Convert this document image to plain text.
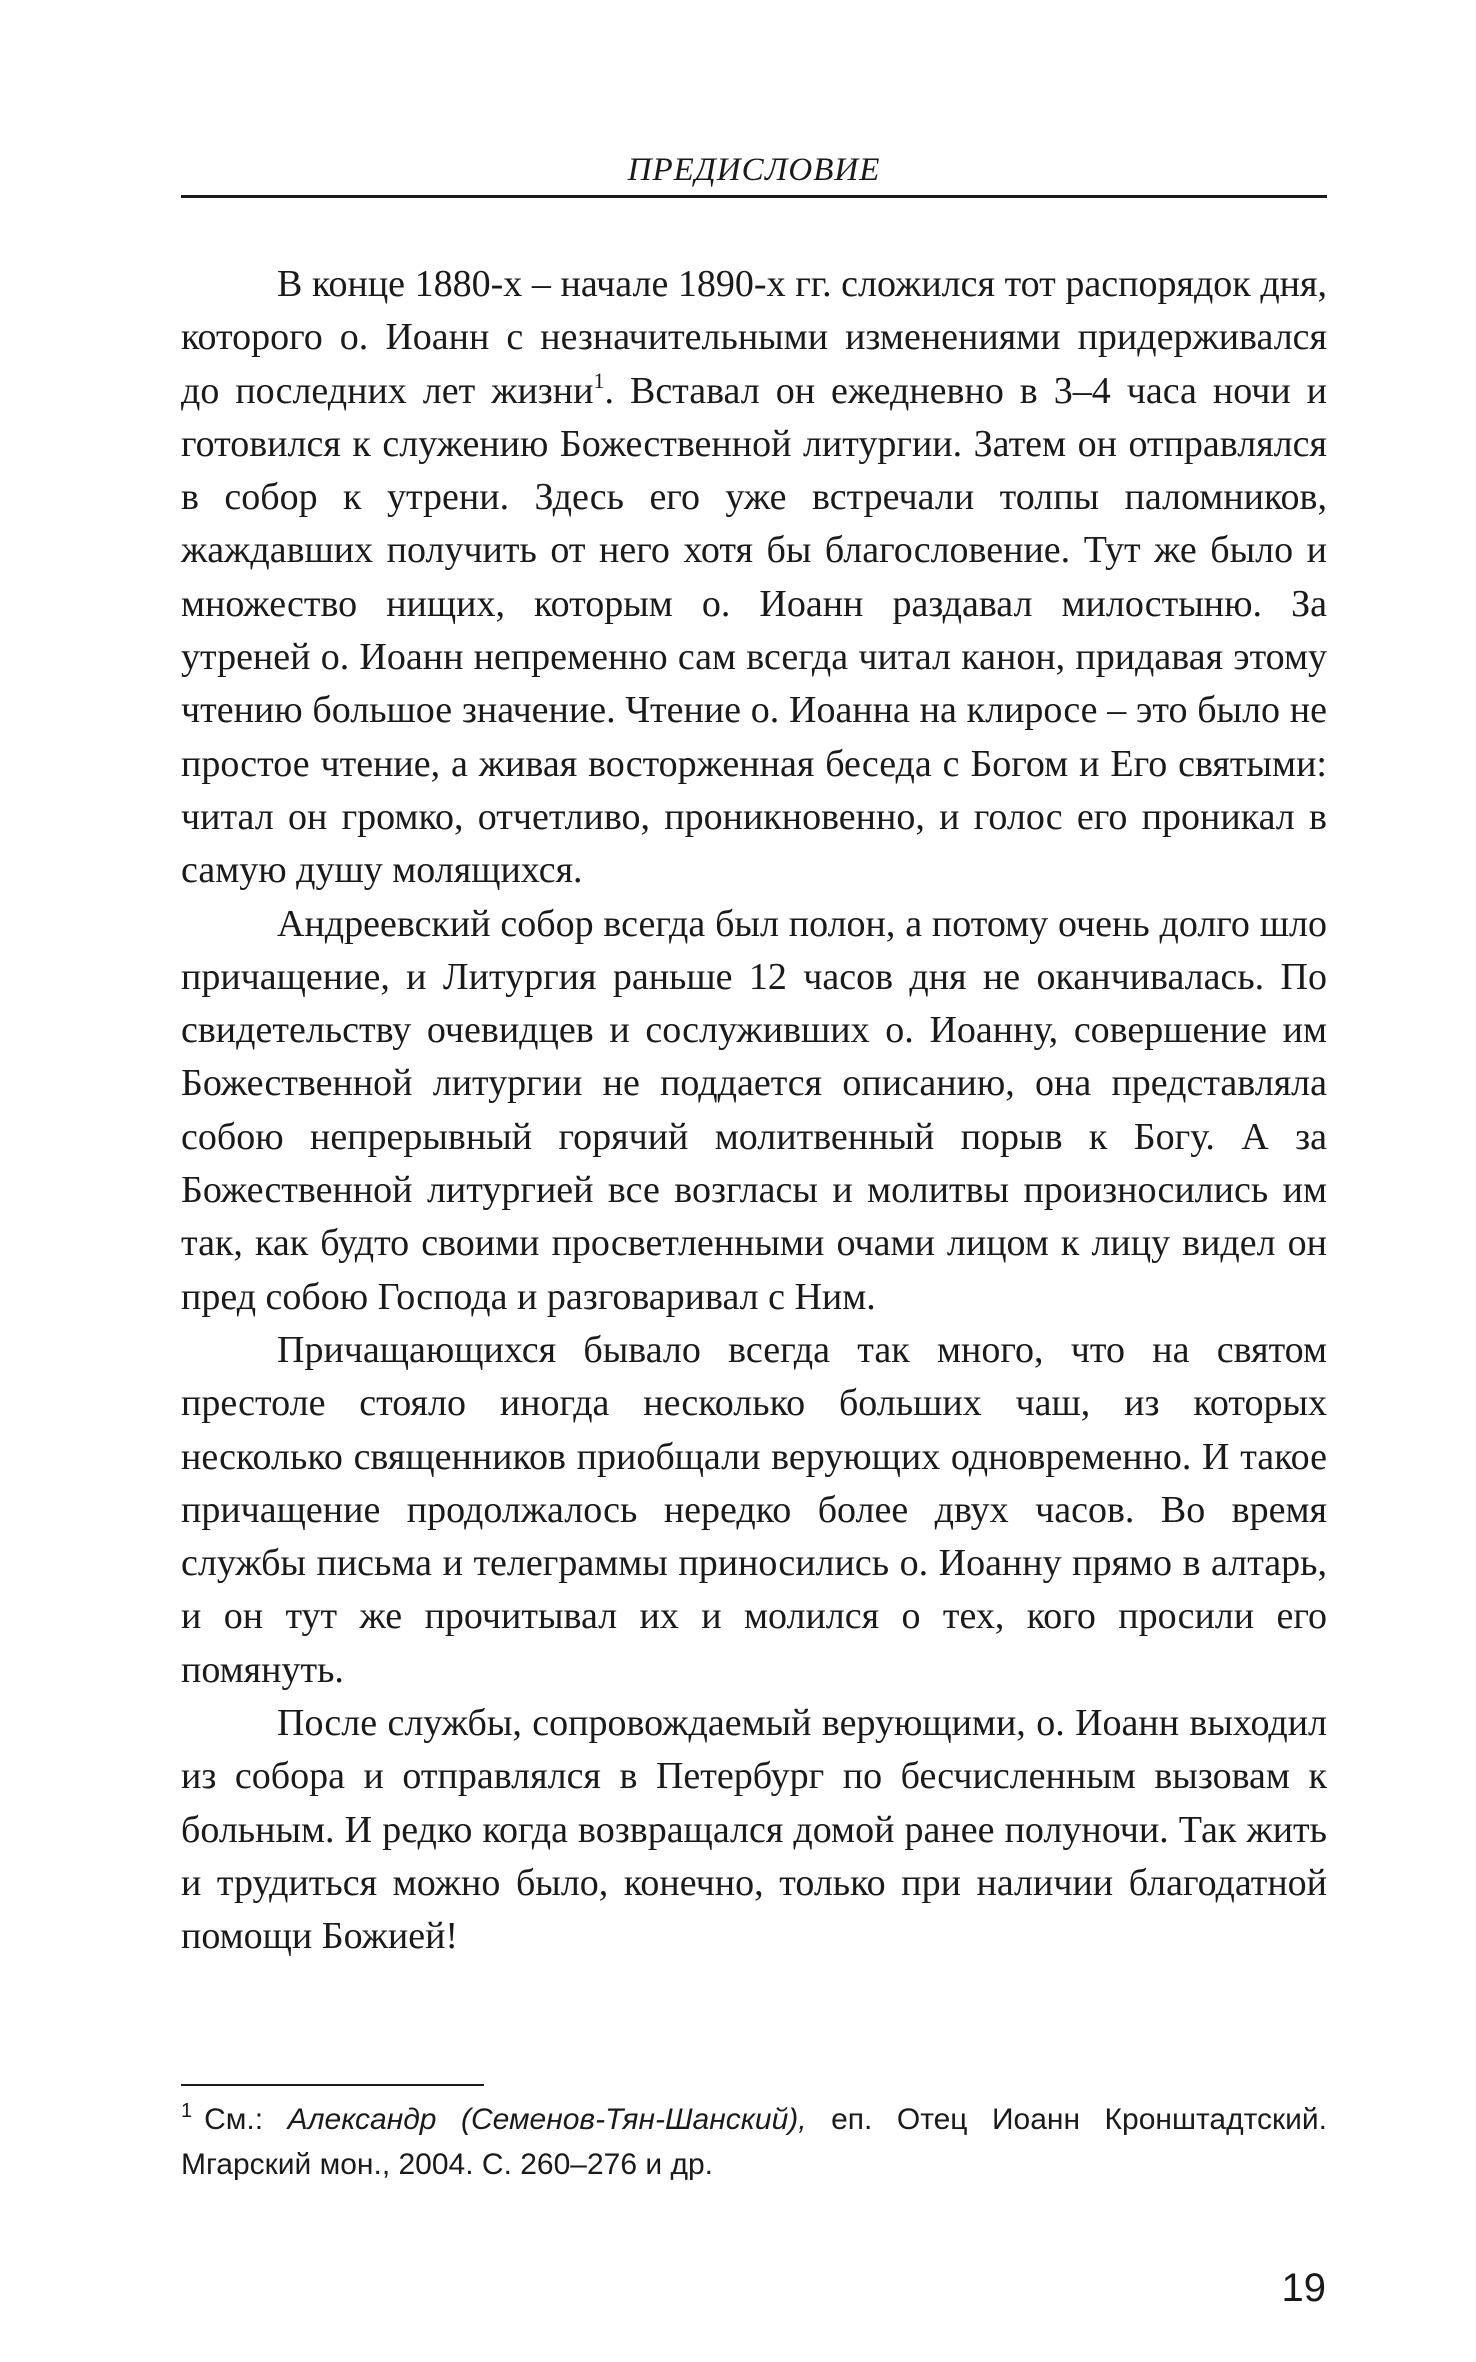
ПРЕДИСЛОВИЕ

В конце 1880-х – начале 1890-х гг. сложился тот распорядок дня, которого о. Иоанн с незначительными изменениями придерживался до последних лет жизни$^1$. Вставал он ежедневно в 3–4 часа ночи и готовился к служению Божественной литургии. Затем он отправлялся в собор к утрени. Здесь его уже встречали толпы паломников, жаждавших получить от него хотя бы благословение. Тут же было и множество нищих, которым о. Иоанн раздавал милостыню. За утреней о. Иоанн непременно сам всегда читал канон, придавая этому чтению большое значение. Чтение о. Иоанна на клиросе – это было не простое чтение, а живая восторженная беседа с Богом и Его святыми: читал он громко, отчетливо, проникновенно, и голос его проникал в самую душу молящихся.

Андреевский собор всегда был полон, а потому очень долго шло причащение, и Литургия раньше 12 часов дня не оканчивалась. По свидетельству очевидцев и сослуживших о. Иоанну, совершение им Божественной литургии не поддается описанию, она представляла собою непрерывный горячий молитвенный порыв к Богу. А за Божественной литургией все возгласы и молитвы произносились им так, как будто своими просветленными очами лицом к лицу видел он пред собою Господа и разговаривал с Ним.

Причащающихся бывало всегда так много, что на святом престоле стояло иногда несколько больших чаш, из которых несколько священников приобщали верующих одновременно. И такое причащение продолжалось нередко более двух часов. Во время службы письма и телеграммы приносились о. Иоанну прямо в алтарь, и он тут же прочитывал их и молился о тех, кого просили его помянуть.

После службы, сопровождаемый верующими, о. Иоанн выходил из собора и отправлялся в Петербург по бесчисленным вызовам к больным. И редко когда возвращался домой ранее полуночи. Так жить и трудиться можно было, конечно, только при наличии благодатной помощи Божией!

$^1$ См.: Александр (Семенов-Тян-Шанский), еп. Отец Иоанн Кронштадтский. Мгарский мон., 2004. С. 260–276 и др.
19
